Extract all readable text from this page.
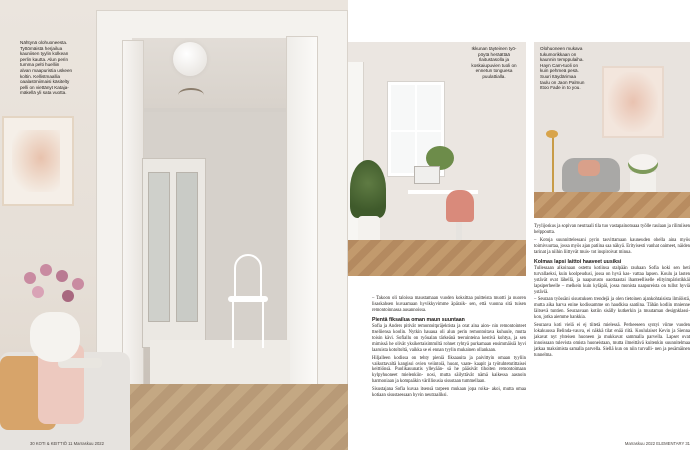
Nähtynä olohuoneesta.
Tyttömäistä herjailua
kauniisen tyylin kolkean
perlin kautta. Alun perin
tumma pelti huelliin
alvan maapuristia uskeen
koltin. Kellistmaallia
oaalastmiimaisi käsitelty
pelli on viettänyt Kataja-
mäkellä yli sata vuotta.
30 KOTI & KEITTIÖ 11 Marraskuu 2022
Ikkunan täyteinen työ-
pöytä heräättää
Ilaitustasolla ja
koskaiupuvien tuoli on
ennetun tonguesa
puulattialla.
Olohuoneen mukava
tukumorikkaan on
kaunnin temppulaiha.
Hayn Cam-tuoli on
kuin pehmeä pesä.
Suuri Itäydärimaa
taulu on Jaon Palmun
Ittoo Fade in to you.

– Takoon oli taloissa maustamaan vuoden koksittaa puitteista muotti ja nuoren lisaskahsen kuvaamaan hyvikkyvimme äpäraik- sen, että vuonna sitä tuisen remontoinnassa ausannoissa.

Pientä fiksailua oman maun suuntaan

Sofia ja Anders pitivät remontoitpräjektista ja orat aina aion- nin remontointeet ttseliiensa koolin. Nytkin hauaua oli alun perin remontoitava kuhuule, mutta toisin kävi. Sofiallu on ryöualan tärkeänä teeruinteina kestivä kohtya, ja sen mimissä he olivät yksikertaisimmiltä rohnet ryhtyä purkamaan ensimmäisiä hyvi laaruista kotoltoltä, vaikka se ei ennan tyylin mukainen ollankaan.

Hiljalleen kodissa on tehty pieniä fiksaauita ja paivittyin omaan tyyliin vaikuttavaltä kangissi ovien veiintoiä, huoat, vaate- kaapit ja työtuhtetutittaisei keittiönsä. Puolikauunatis ylleyään- sä he pääsivät tihoiten remontoimaan kylpyhuoneet mielenkiin- nosi, mutta säilyttävät nämä kaikessa aasnoin harmoniaan ja kompaäkin värilliousia sisustaan tummellaan.

Sisustajana Sofia kuvaa itsensä tarpeen mukaan jopa roika- akoi, mutta omaa kotiaan sisustaessaan hyvin neutraaliksi.

Tyylijoskus ja sopivan neutraali tila tuo vastapainotoaaa työlle raulaan ja rilimiisen helppoutta.

– Kotoja suunnittelessani pyrin tasvittamaan kauneuden ohella aina myös toimivuurtaa, jossa myös ajan patiina saa näkyä. Erityisesti vanhat oaimeet, näiden tarinat ja niihin liittyvät muis- tot inspiroivat minua.

Kolmas lapsi laittoi haaveet uusiksi

Tullessaan alkoinaan ostettu kotiinsa stalpään rauhaan Sofia koki sen heti turvallaeksi, kuin koolpeudusi, jossa on hyvä kas- vattaa lapsen. Koulu ja lasten ystävät ovat lähellä, ja naapurusto oaottaastai ihanteelliselle elityimpäristikkäi lapsiperheelle – melkein kuin kyläpäi, jossa monista naapureista on tullut hyviä ystäviä.

– Seuraan työssäni sisustuksen trendejä ja olen tietoinen ajankohtaisista ilmiöistä, mutta aika harva enine kodissamme on haudkisa saatiina. Tähän kodiin mnienne läitsevä tuntien. Seuraavaan kotiin sisälly kutkerkin ja muutaman designklassi- kon, jotka aiemme hankkia.

Seuraava koti vielä ei ej tiitetä mielessä. Perheeseen syntyi viime vuoden lokakuussa Belinda-vauva, ei näkkä tilat enää riitä. Koululaiset Kevin ja Sienna jakavat nyt yhteisen huoneen ja mukkuvat sammalla parvella. Lapset ovat innoissaan tulevista omista huoneistaan, mutta ilmeittävä kuitenkin suunnitelmaa jatkaa maksimista samalla parvella. Siellä kun on niin turvalli- nen ja pesämäinen tunnelma.

Marraskuu 2022 ELEMENTARY 31
